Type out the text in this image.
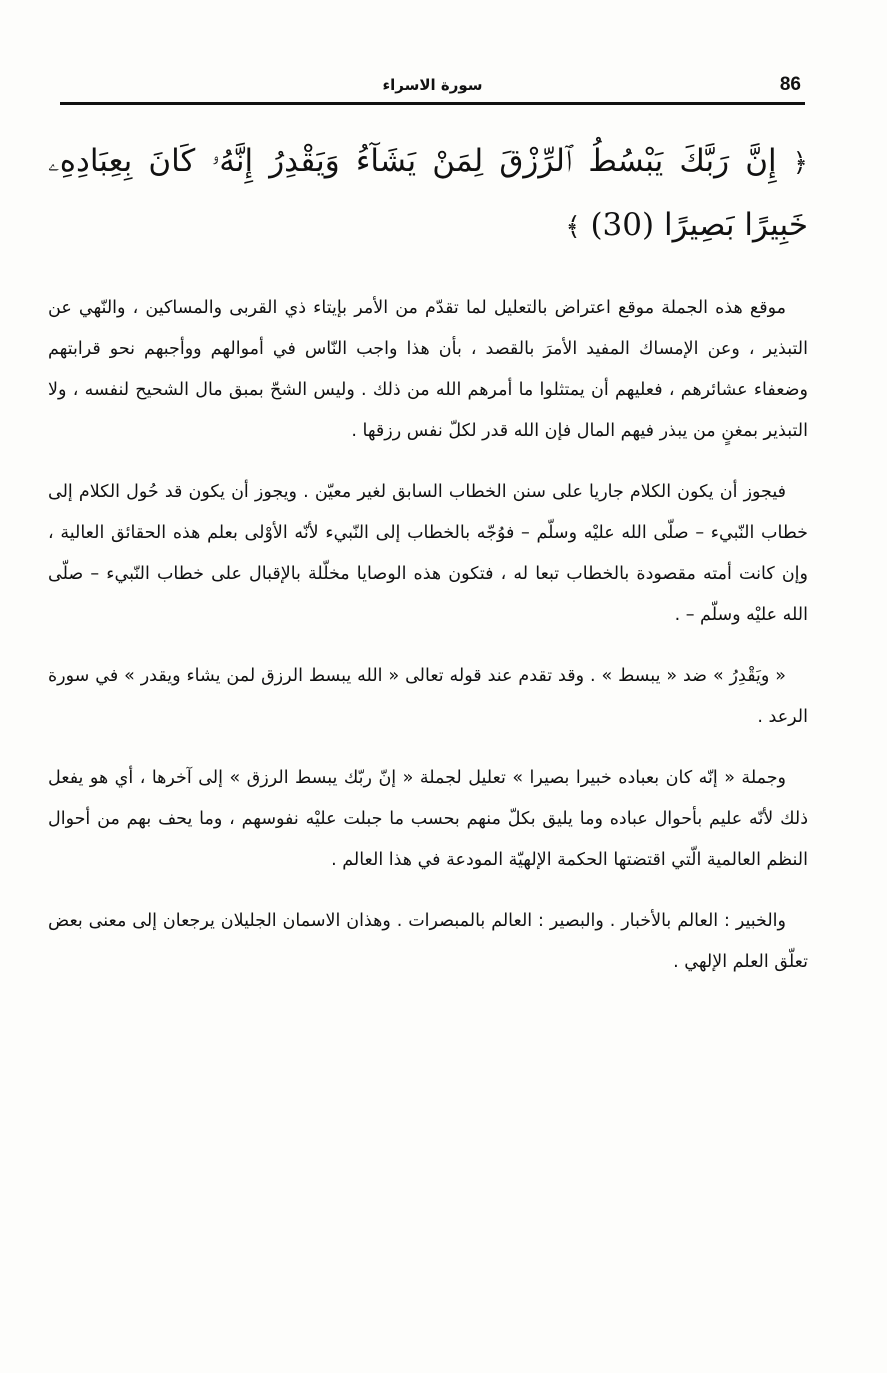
86
سورة الاسراء

﴿ إِنَّ رَبَّكَ يَبْسُطُ ٱلرِّزْقَ لِمَنْ يَشَآءُ وَيَقْدِرُ إِنَّهُۥ كَانَ بِعِبَادِهِۦ خَبِيرًا بَصِيرًا (30) ﴾

موقع هذه الجملة موقع اعتراض بالتعليل لما تقدّم من الأمر بإيتاء ذي القربى والمساكين ، والنّهي عن التبذير ، وعن الإمساك المفيد الأمرَ بالقصد ، بأن هذا واجب النّاس في أموالهم ووأجبهم نحو قرابتهم وضعفاء عشائرهم ، فعليهم أن يمتثلوا ما أمرهم الله من ذلك . وليس الشحّ بمبق مال الشحيح لنفسه ، ولا التبذير بمغنٍ من يبذر فيهم المال فإن الله قدر لكلّ نفس رزقها .

فيجوز أن يكون الكلام جاريا على سنن الخطاب السابق لغير معيّن . ويجوز أن يكون قد حُول الكلام إلى خطاب النّبيء – صلّى الله عليْه وسلّم – فوُجّه بالخطاب إلى النّبيء لأنّه الأوْلى بعلم هذه الحقائق العالية ، وإن كانت أمته مقصودة بالخطاب تبعا له ، فتكون هذه الوصايا مخلّلة بالإقبال على خطاب النّبيء – صلّى الله عليْه وسلّم – .

« ويَقْدِرُ » ضد « يبسط » . وقد تقدم عند قوله تعالى « الله يبسط الرزق لمن يشاء ويقدر » في سورة الرعد .

وجملة « إنّه كان بعباده خبيرا بصيرا » تعليل لجملة « إنّ ربّك يبسط الرزق » إلى آخرها ، أي هو يفعل ذلك لأنّه عليم بأحوال عباده وما يليق بكلّ منهم بحسب ما جبلت عليْه نفوسهم ، وما يحف بهم من أحوال النظم العالمية الّتي اقتضتها الحكمة الإلهيّة المودعة في هذا العالم .

والخبير : العالم بالأخبار . والبصير : العالم بالمبصرات . وهذان الاسمان الجليلان يرجعان إلى معنى بعض تعلّق العلم الإلهي .
